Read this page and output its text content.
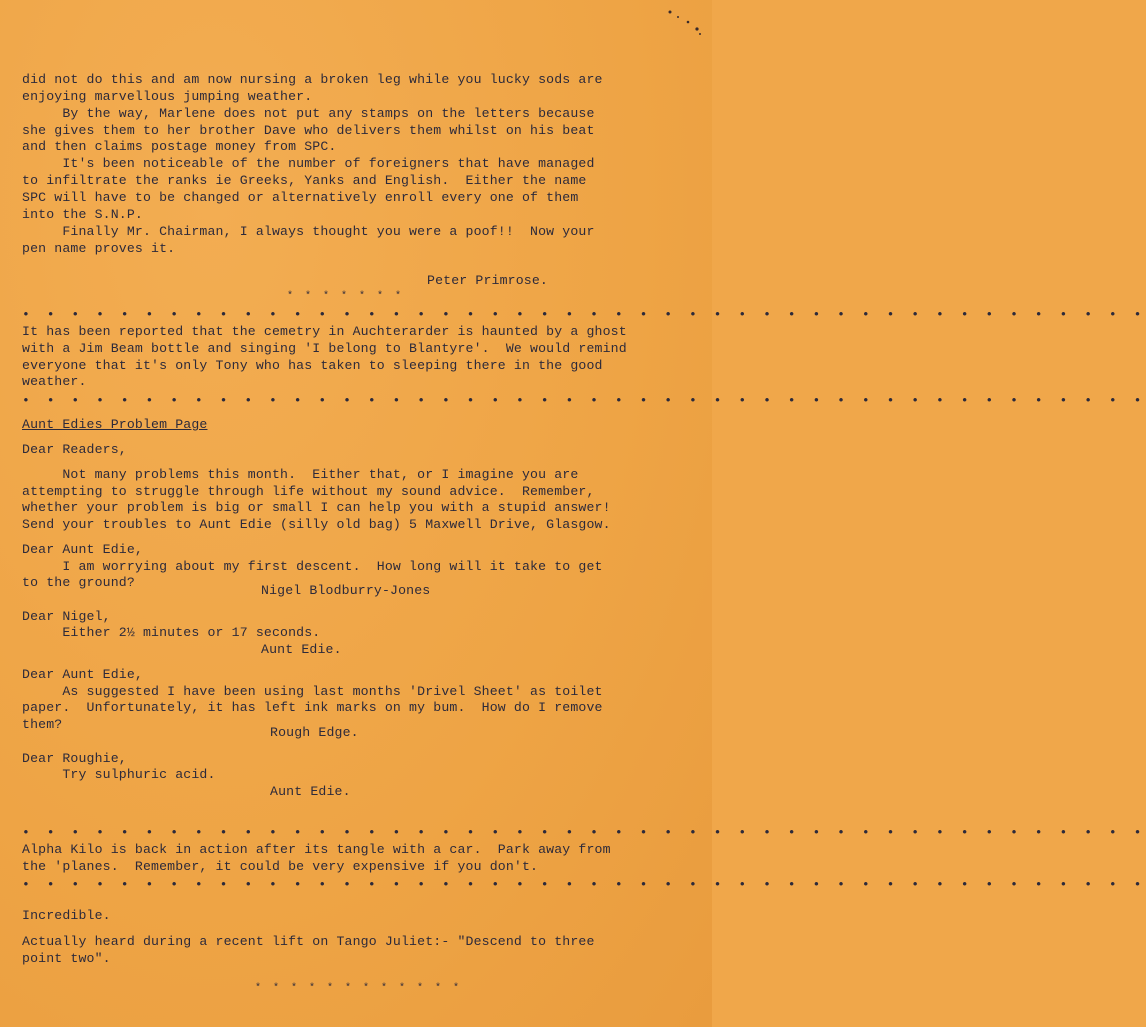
did not do this and am now nursing a broken leg while you lucky sods are
enjoying marvellous jumping weather.
By the way, Marlene does not put any stamps on the letters because
she gives them to her brother Dave who delivers them whilst on his beat
and then claims postage money from SPC.
It's been noticeable of the number of foreigners that have managed
to infiltrate the ranks ie Greeks, Yanks and English.  Either the name
SPC will have to be changed or alternatively enroll every one of them
into the S.N.P.
Finally Mr. Chairman, I always thought you were a poof!!  Now your
pen name proves it.
Peter Primrose.
* * * * * * *
• • • • • • • • • • • • • • • • • • • • • • • • • • • • • • • • • • • • • • • • • • • • • •
It has been reported that the cemetry in Auchterarder is haunted by a ghost
with a Jim Beam bottle and singing 'I belong to Blantyre'.  We would remind
everyone that it's only Tony who has taken to sleeping there in the good
weather.
• • • • • • • • • • • • • • • • • • • • • • • • • • • • • • • • • • • • • • • • • • • • • •
Aunt Edies Problem Page
Dear Readers,
Not many problems this month.  Either that, or I imagine you are
attempting to struggle through life without my sound advice.  Remember,
whether your problem is big or small I can help you with a stupid answer!
Send your troubles to Aunt Edie (silly old bag) 5 Maxwell Drive, Glasgow.
Dear Aunt Edie,
I am worrying about my first descent.  How long will it take to get
to the ground?
Nigel Blodburry-Jones
Dear Nigel,
Either 2½ minutes or 17 seconds.
Aunt Edie.
Dear Aunt Edie,
As suggested I have been using last months 'Drivel Sheet' as toilet
paper.  Unfortunately, it has left ink marks on my bum.  How do I remove
them?
Rough Edge.
Dear Roughie,
Try sulphuric acid.
Aunt Edie.
• • • • • • • • • • • • • • • • • • • • • • • • • • • • • • • • • • • • • • • • • • • • • •
Alpha Kilo is back in action after its tangle with a car.  Park away from
the 'planes.  Remember, it could be very expensive if you don't.
• • • • • • • • • • • • • • • • • • • • • • • • • • • • • • • • • • • • • • • • • • • • • •
Incredible.
Actually heard during a recent lift on Tango Juliet:- "Descend to three
point two".
* * * * * * * * * * * *
